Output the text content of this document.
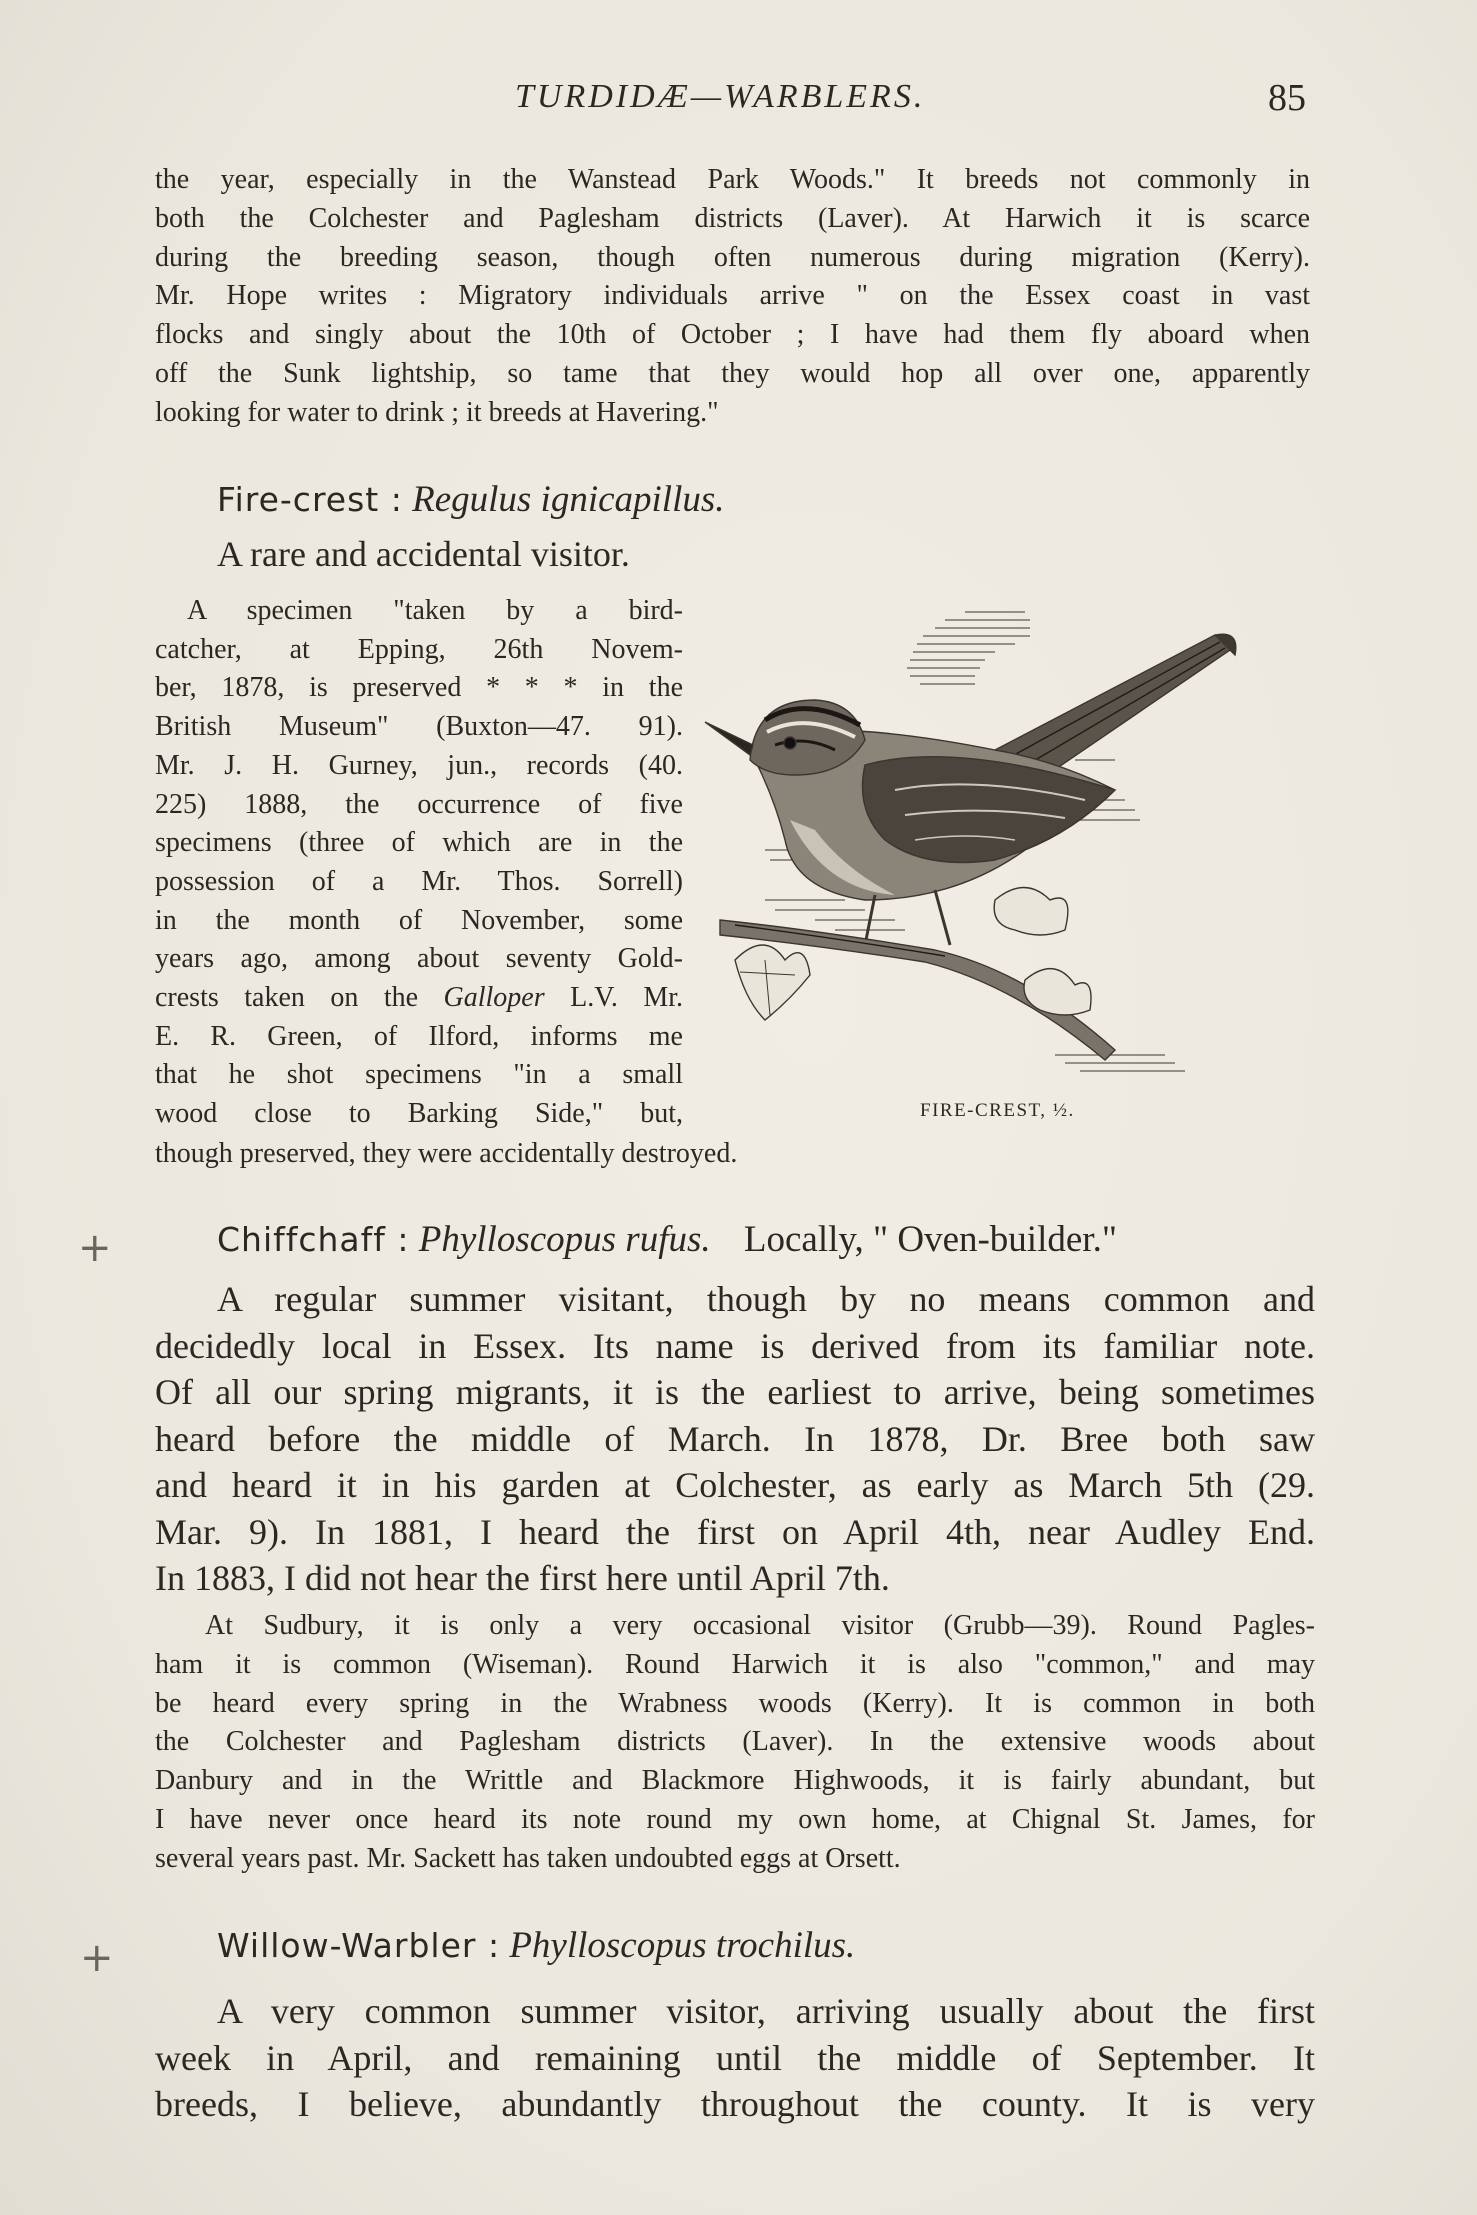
TURDIDÆ—WARBLERS.	85
the year, especially in the Wanstead Park Woods." It breeds not commonly in
both the Colchester and Paglesham districts (Laver). At Harwich it is scarce
during the breeding season, though often numerous during migration (Kerry).
Mr. Hope writes : Migratory individuals arrive " on the Essex coast in vast
flocks and singly about the 10th of October ; I have had them fly aboard when
off the Sunk lightship, so tame that they would hop all over one, apparently
looking for water to drink ; it breeds at Havering."
Fire-crest : Regulus ignicapillus.
A rare and accidental visitor.
A specimen "taken by a bird-
catcher, at Epping, 26th Novem-
ber, 1878, is preserved * * * in the
British Museum" (Buxton—47. 91).
Mr. J. H. Gurney, jun., records (40.
225) 1888, the occurrence of five
specimens (three of which are in the
possession of a Mr. Thos. Sorrell)
in the month of November, some
years ago, among about seventy Gold-
crests taken on the Galloper L.V. Mr.
E. R. Green, of Ilford, informs me
that he shot specimens "in a small
wood close to Barking Side," but,
though preserved, they were accidentally destroyed.
FIRE-CREST, ½.
+
+
Chiffchaff : Phylloscopus rufus. Locally, " Oven-builder."
A regular summer visitant, though by no means common and
decidedly local in Essex. Its name is derived from its familiar note.
Of all our spring migrants, it is the earliest to arrive, being sometimes
heard before the middle of March. In 1878, Dr. Bree both saw
and heard it in his garden at Colchester, as early as March 5th (29.
Mar. 9). In 1881, I heard the first on April 4th, near Audley End.
In 1883, I did not hear the first here until April 7th.
At Sudbury, it is only a very occasional visitor (Grubb—39). Round Pagles-
ham it is common (Wiseman). Round Harwich it is also "common," and may
be heard every spring in the Wrabness woods (Kerry). It is common in both
the Colchester and Paglesham districts (Laver). In the extensive woods about
Danbury and in the Writtle and Blackmore Highwoods, it is fairly abundant, but
I have never once heard its note round my own home, at Chignal St. James, for
several years past. Mr. Sackett has taken undoubted eggs at Orsett.
Willow-Warbler : Phylloscopus trochilus.
A very common summer visitor, arriving usually about the first
week in April, and remaining until the middle of September. It
breeds, I believe, abundantly throughout the county. It is very
